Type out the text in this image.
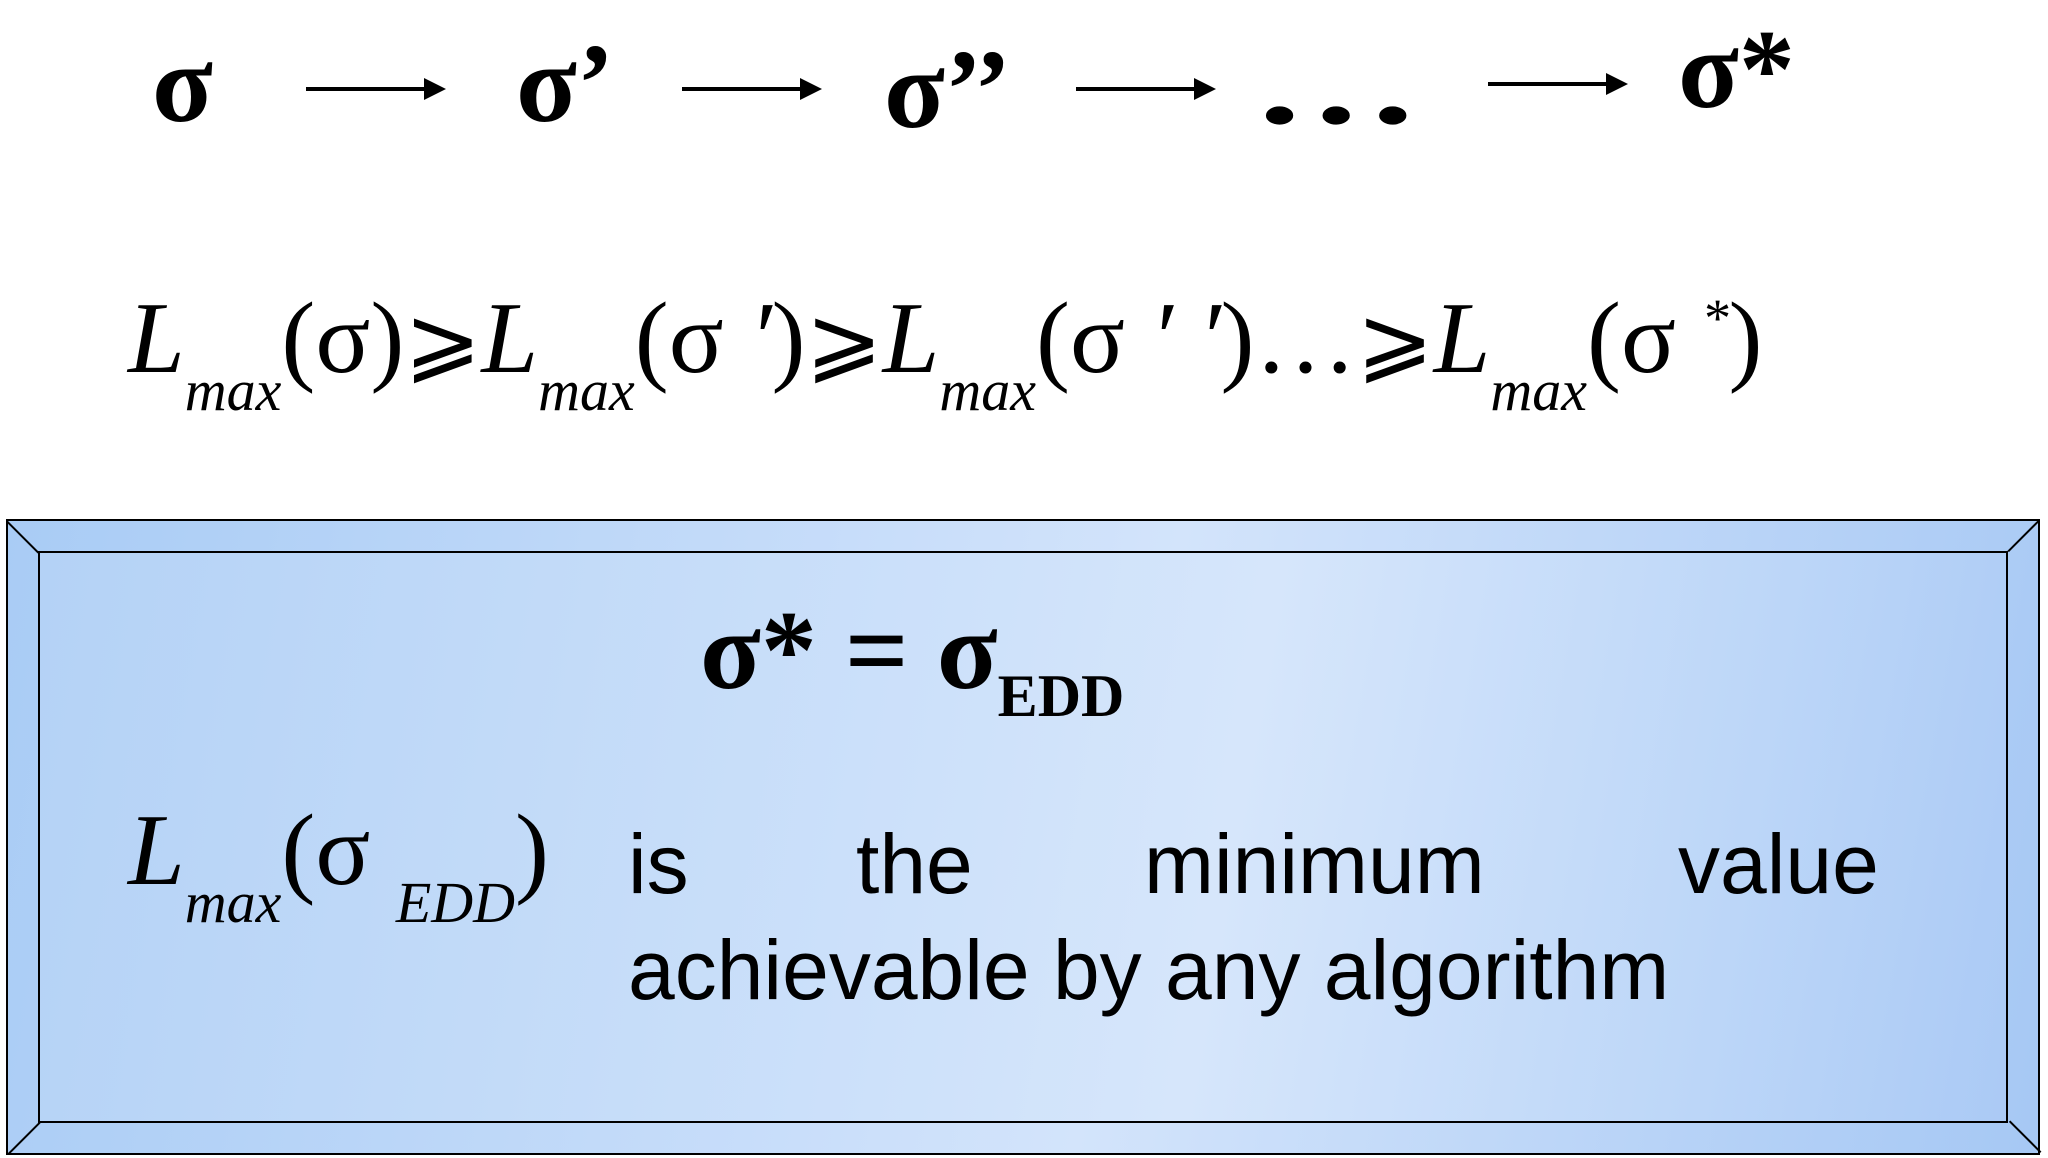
σ	σ’ σ’’ … σ*
$L_{max}(\sigma)⩾L_{max}(\sigma$ $')⩾L_{max}(\sigma$ ′ $')\dots⩾L_{max}(\sigma$ *)
$\sigma* = \sigma_{EDD}$
$L_{max}(\sigma$ $_{EDD}$) is the minimum value
achievable by any algorithm
